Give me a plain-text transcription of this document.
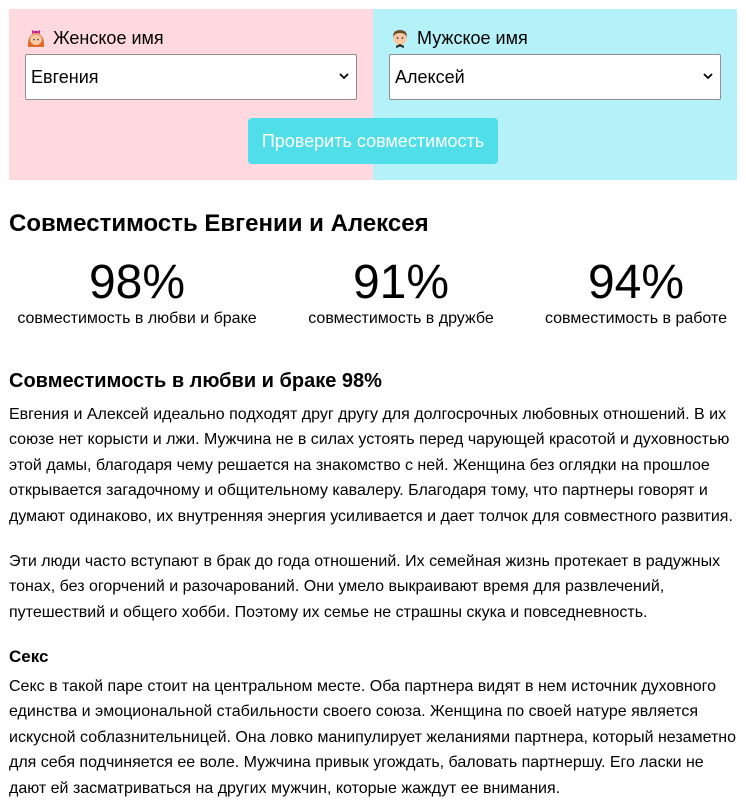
Женское имя
Евгения
Мужское имя
Алексей
Проверить совместимость
Совместимость Евгении и Алексея
98%
совместимость в любви и браке
91%
совместимость в дружбе
94%
совместимость в работе
Совместимость в любви и браке 98%

Евгения и Алексей идеально подходят друг другу для долгосрочных любовных отношений. В их союзе нет корысти и лжи. Мужчина не в силах устоять перед чарующей красотой и духовностью этой дамы, благодаря чему решается на знакомство с ней. Женщина без оглядки на прошлое открывается загадочному и общительному кавалеру. Благодаря тому, что партнеры говорят и думают одинаково, их внутренняя энергия усиливается и дает толчок для совместного развития.

Эти люди часто вступают в брак до года отношений. Их семейная жизнь протекает в радужных тонах, без огорчений и разочарований. Они умело выкраивают время для развлечений, путешествий и общего хобби. Поэтому их семье не страшны скука и повседневность.

Секс

Секс в такой паре стоит на центральном месте. Оба партнера видят в нем источник духовного единства и эмоциональной стабильности своего союза. Женщина по своей натуре является искусной соблазнительницей. Она ловко манипулирует желаниями партнера, который незаметно для себя подчиняется ее воле. Мужчина привык угождать, баловать партнершу. Его ласки не дают ей засматриваться на других мужчин, которые жаждут ее внимания.
